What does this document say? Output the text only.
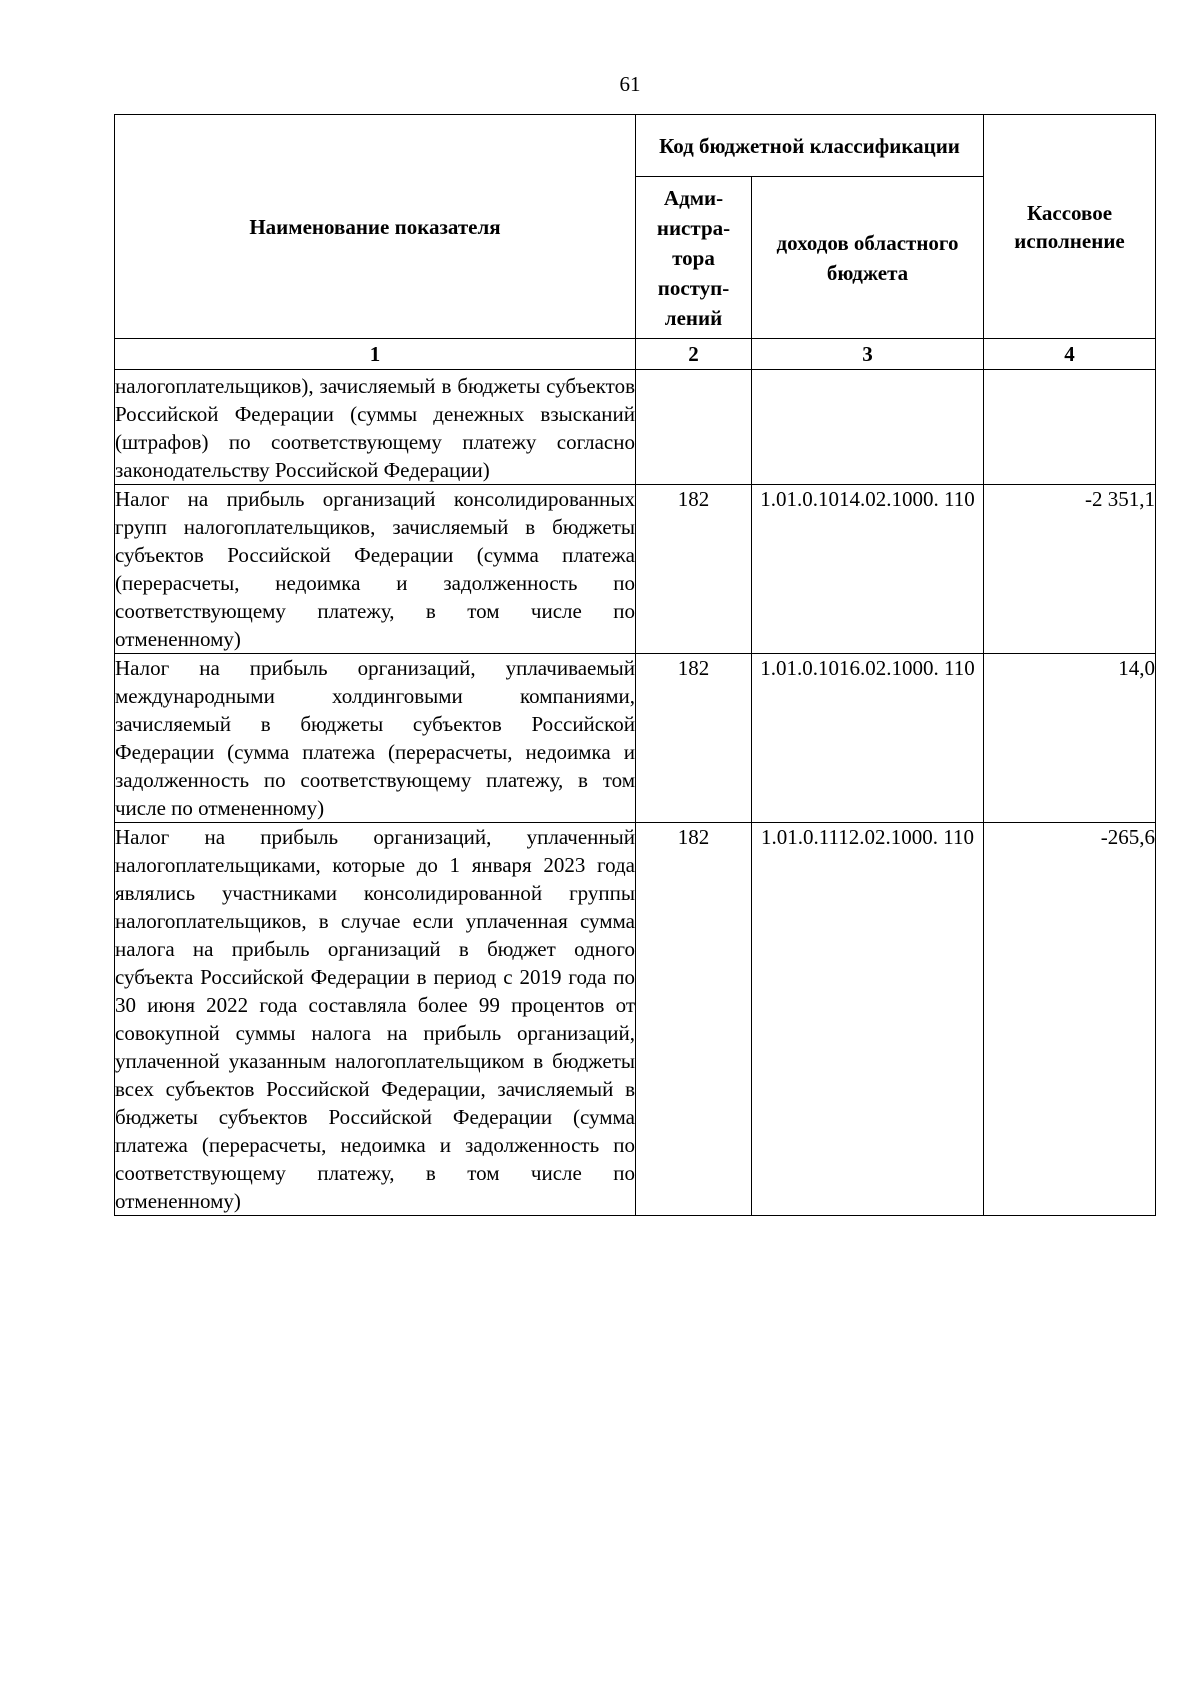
61
Наименование показателя	Код бюджетной классификации		Кассовое исполнение
	Адми-нистра-тора поступ-лений	доходов областного бюджета	
1	2	3	4
налогоплательщиков), зачисляемый в бюджеты субъектов Российской Федерации (суммы денежных взысканий (штрафов) по соответствующему платежу согласно законодательству Российской Федерации)			
Налог на прибыль организаций консолидированных групп налогоплательщиков, зачисляемый в бюджеты субъектов Российской Федерации (сумма платежа (перерасчеты, недоимка и задолженность по соответствующему платежу, в том числе по отмененному)	182	1.01.0.1014.02.1000. 110	-2 351,1
Налог на прибыль организаций, уплачиваемый международными холдинговыми компаниями, зачисляемый в бюджеты субъектов Российской Федерации (сумма платежа (перерасчеты, недоимка и задолженность по соответствующему платежу, в том числе по отмененному)	182	1.01.0.1016.02.1000. 110	14,0
Налог на прибыль организаций, уплаченный налогоплательщиками, которые до 1 января 2023 года являлись участниками консолидированной группы налогоплательщиков, в случае если уплаченная сумма налога на прибыль организаций в бюджет одного субъекта Российской Федерации в период с 2019 года по 30 июня 2022 года составляла более 99 процентов от совокупной суммы налога на прибыль организаций, уплаченной указанным налогоплательщиком в бюджеты всех субъектов Российской Федерации, зачисляемый в бюджеты субъектов Российской Федерации (сумма платежа (перерасчеты, недоимка и задолженность по соответствующему платежу, в том числе по отмененному)	182	1.01.0.1112.02.1000. 110	-265,6
